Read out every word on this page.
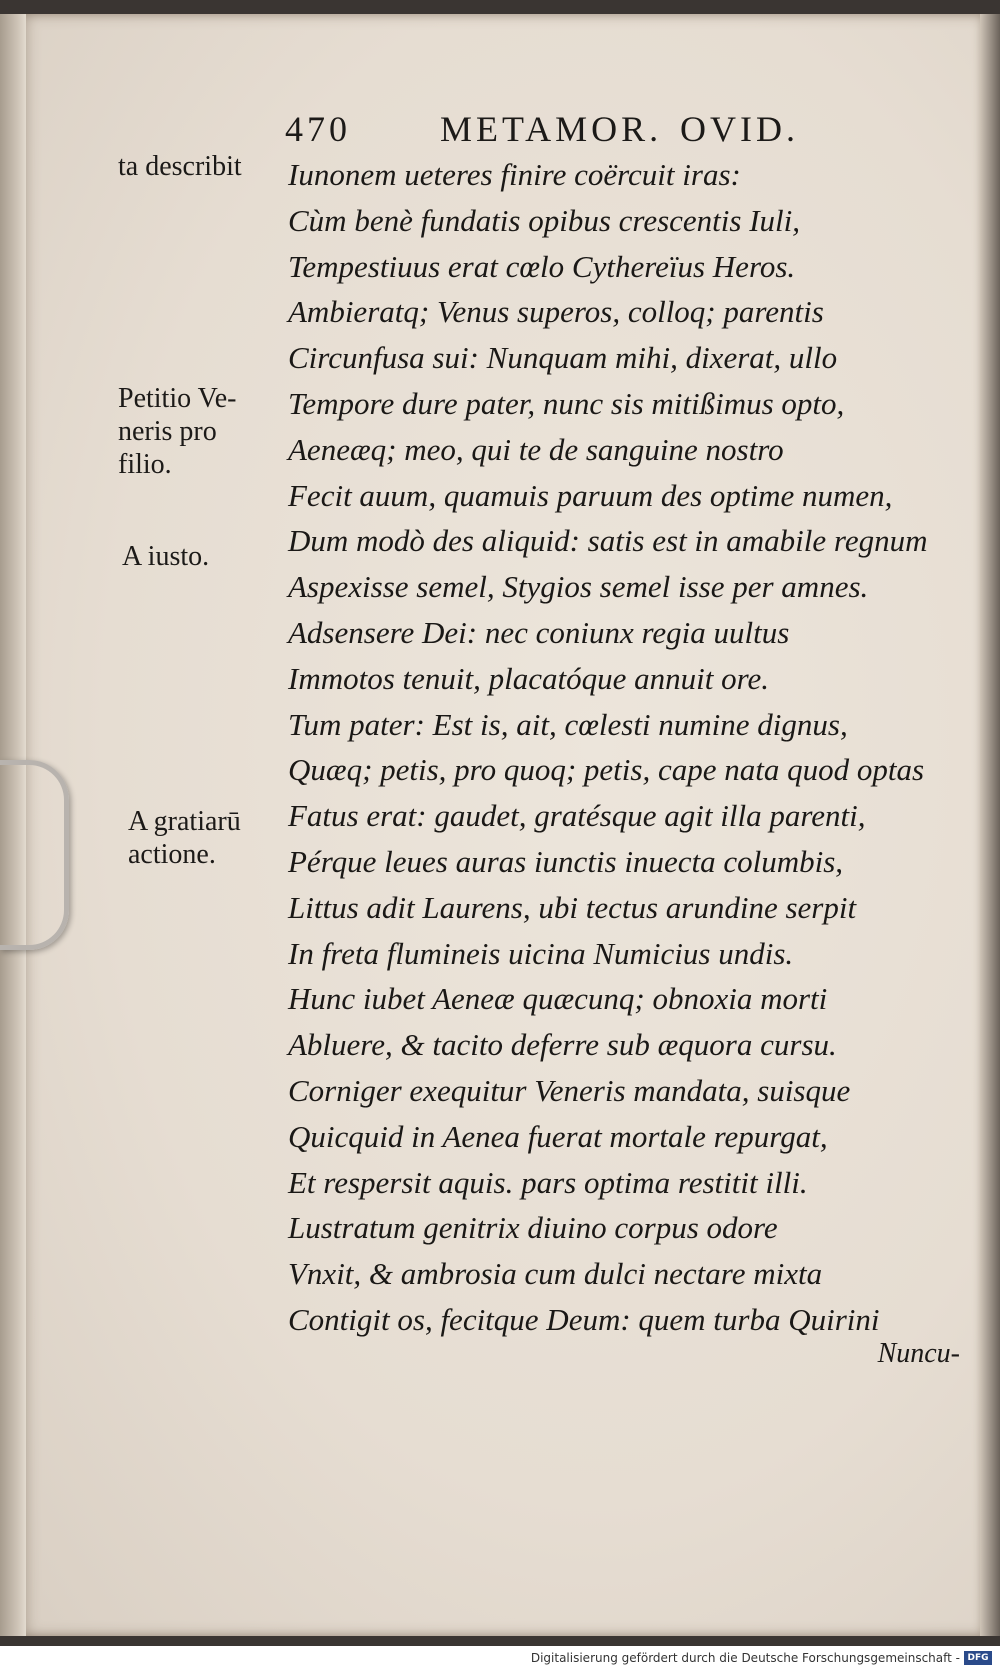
470 METAMOR. OVID.
ta describit
Petitio Ve-
neris pro
filio.
A iusto.
A gratiarū
actione.
Iunonem ueteres finire coërcuit iras:
Cùm benè fundatis opibus crescentis Iuli,
Tempestiuus erat cœlo Cythereïus Heros.
Ambieratq; Venus superos, colloq; parentis
Circunfusa sui: Nunquam mihi, dixerat, ullo
Tempore dure pater, nunc sis mitißimus opto,
Aeneæq; meo, qui te de sanguine nostro
Fecit auum, quamuis paruum des optime numen,
Dum modò des aliquid: satis est in amabile regnum
Aspexisse semel, Stygios semel isse per amnes.
Adsensere Dei: nec coniunx regia uultus
Immotos tenuit, placatóque annuit ore.
Tum pater: Est is, ait, cœlesti numine dignus,
Quæq; petis, pro quoq; petis, cape nata quod optas
Fatus erat: gaudet, gratésque agit illa parenti,
Pérque leues auras iunctis inuecta columbis,
Littus adit Laurens, ubi tectus arundine serpit
In freta flumineis uicina Numicius undis.
Hunc iubet Aeneæ quæcunq; obnoxia morti
Abluere, & tacito deferre sub æquora cursu.
Corniger exequitur Veneris mandata, suisque
Quicquid in Aenea fuerat mortale repurgat,
Et respersit aquis. pars optima restitit illi.
Lustratum genitrix diuino corpus odore
Vnxit, & ambrosia cum dulci nectare mixta
Contigit os, fecitque Deum: quem turba Quirini
Nuncu-
Digitalisierung gefördert durch die Deutsche Forschungsgemeinschaft - DFG
